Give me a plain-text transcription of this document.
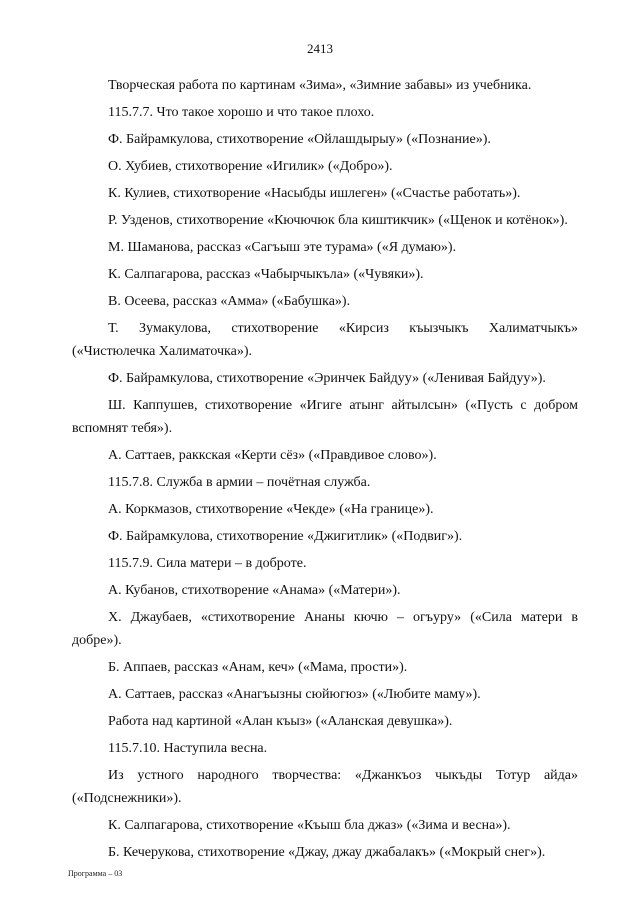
2413

Творческая работа по картинам «Зима», «Зимние забавы» из учебника.

115.7.7. Что такое хорошо и что такое плохо.

Ф. Байрамкулова, стихотворение «Ойлашдырыу» («Познание»).

О. Хубиев, стихотворение «Игилик» («Добро»).

К. Кулиев, стихотворение «Насыбды ишлеген» («Счастье работать»).

Р. Узденов, стихотворение «Кючючюк бла киштикчик» («Щенок и котёнок»).

М. Шаманова, рассказ «Сагъыш эте турама» («Я думаю»).

К. Салпагарова, рассказ «Чабырчыкъла» («Чувяки»).

В. Осеева, рассказ «Амма» («Бабушка»).

Т. Зумакулова, стихотворение «Кирсиз къызчыкъ Халиматчыкъ» («Чистюлечка Халиматочка»).

Ф. Байрамкулова, стихотворение «Эринчек Байдуу» («Ленивая Байдуу»).

Ш. Каппушев, стихотворение «Игиге атынг айтылсын» («Пусть с добром вспомнят тебя»).

А. Саттаев, раккская «Керти сёз» («Правдивое слово»).

115.7.8. Служба в армии – почётная служба.

А. Коркмазов, стихотворение «Чекде» («На границе»).

Ф. Байрамкулова, стихотворение «Джигитлик» («Подвиг»).

115.7.9. Сила матери – в доброте.

А. Кубанов, стихотворение «Анама» («Матери»).

Х. Джаубаев, «стихотворение Ананы кючю – огъуру» («Сила матери в добре»).

Б. Аппаев, рассказ «Анам, кеч» («Мама, прости»).

А. Саттаев, рассказ «Анагъызны сюйюгюз» («Любите маму»).

Работа над картиной «Алан къыз» («Аланская девушка»).

115.7.10. Наступила весна.

Из устного народного творчества: «Джанкъоз чыкъды Тотур айда» («Подснежники»).

К. Салпагарова, стихотворение «Къыш бла джаз» («Зима и весна»).

Б. Кечерукова, стихотворение «Джау, джау джабалакъ» («Мокрый снег»).

Программа – 03
